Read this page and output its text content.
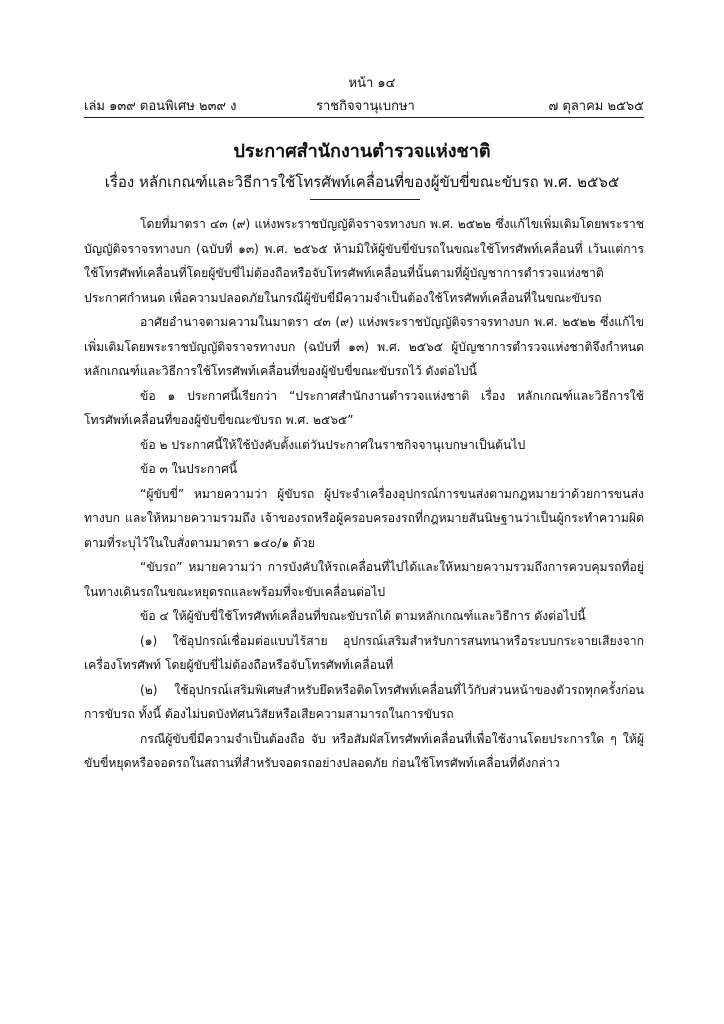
หน้า ๑๔
เล่ม ๑๓๙ ตอนพิเศษ ๒๓๙ ง	ราชกิจจานุเบกษา	๗ ตุลาคม ๒๕๖๕
ประกาศสำนักงานตำรวจแห่งชาติ
เรื่อง หลักเกณฑ์และวิธีการใช้โทรศัพท์เคลื่อนที่ของผู้ขับขี่ขณะขับรถ พ.ศ. ๒๕๖๕

โดยที่มาตรา ๔๓ (๙) แห่งพระราชบัญญัติจราจรทางบก พ.ศ. ๒๕๒๒ ซึ่งแก้ไขเพิ่มเติมโดยพระราชบัญญัติจราจรทางบก (ฉบับที่ ๑๓) พ.ศ. ๒๕๖๕ ห้ามมิให้ผู้ขับขี่ขับรถในขณะใช้โทรศัพท์เคลื่อนที่ เว้นแต่การใช้โทรศัพท์เคลื่อนที่โดยผู้ขับขี่ไม่ต้องถือหรือจับโทรศัพท์เคลื่อนที่นั้นตามที่ผู้บัญชาการตำรวจแห่งชาติประกาศกำหนด เพื่อความปลอดภัยในกรณีผู้ขับขี่มีความจำเป็นต้องใช้โทรศัพท์เคลื่อนที่ในขณะขับรถ

อาศัยอำนาจตามความในมาตรา ๔๓ (๙) แห่งพระราชบัญญัติจราจรทางบก พ.ศ. ๒๕๒๒ ซึ่งแก้ไขเพิ่มเติมโดยพระราชบัญญัติจราจรทางบก (ฉบับที่ ๑๓) พ.ศ. ๒๕๖๕ ผู้บัญชาการตำรวจแห่งชาติจึงกำหนดหลักเกณฑ์และวิธีการใช้โทรศัพท์เคลื่อนที่ของผู้ขับขี่ขณะขับรถไว้ ดังต่อไปนี้

ข้อ ๑ ประกาศนี้เรียกว่า “ประกาศสำนักงานตำรวจแห่งชาติ เรื่อง หลักเกณฑ์และวิธีการใช้โทรศัพท์เคลื่อนที่ของผู้ขับขี่ขณะขับรถ พ.ศ. ๒๕๖๕”

ข้อ ๒ ประกาศนี้ให้ใช้บังคับตั้งแต่วันประกาศในราชกิจจานุเบกษาเป็นต้นไป

ข้อ ๓ ในประกาศนี้

“ผู้ขับขี่” หมายความว่า ผู้ขับรถ ผู้ประจำเครื่องอุปกรณ์การขนส่งตามกฎหมายว่าด้วยการขนส่งทางบก และให้หมายความรวมถึง เจ้าของรถหรือผู้ครอบครองรถที่กฎหมายสันนิษฐานว่าเป็นผู้กระทำความผิดตามที่ระบุไว้ในใบสั่งตามมาตรา ๑๔๐/๑ ด้วย

“ขับรถ” หมายความว่า การบังคับให้รถเคลื่อนที่ไปได้และให้หมายความรวมถึงการควบคุมรถที่อยู่ในทางเดินรถในขณะหยุดรถและพร้อมที่จะขับเคลื่อนต่อไป

ข้อ ๔ ให้ผู้ขับขี่ใช้โทรศัพท์เคลื่อนที่ขณะขับรถได้ ตามหลักเกณฑ์และวิธีการ ดังต่อไปนี้

(๑) ใช้อุปกรณ์เชื่อมต่อแบบไร้สาย อุปกรณ์เสริมสำหรับการสนทนาหรือระบบกระจายเสียงจากเครื่องโทรศัพท์ โดยผู้ขับขี่ไม่ต้องถือหรือจับโทรศัพท์เคลื่อนที่

(๒) ใช้อุปกรณ์เสริมพิเศษสำหรับยึดหรือติดโทรศัพท์เคลื่อนที่ไว้กับส่วนหน้าของตัวรถทุกครั้งก่อนการขับรถ ทั้งนี้ ต้องไม่บดบังทัศนวิสัยหรือเสียความสามารถในการขับรถ

กรณีผู้ขับขี่มีความจำเป็นต้องถือ จับ หรือสัมผัสโทรศัพท์เคลื่อนที่เพื่อใช้งานโดยประการใด ๆ ให้ผู้ขับขี่หยุดหรือจอดรถในสถานที่สำหรับจอดรถอย่างปลอดภัย ก่อนใช้โทรศัพท์เคลื่อนที่ดังกล่าว
